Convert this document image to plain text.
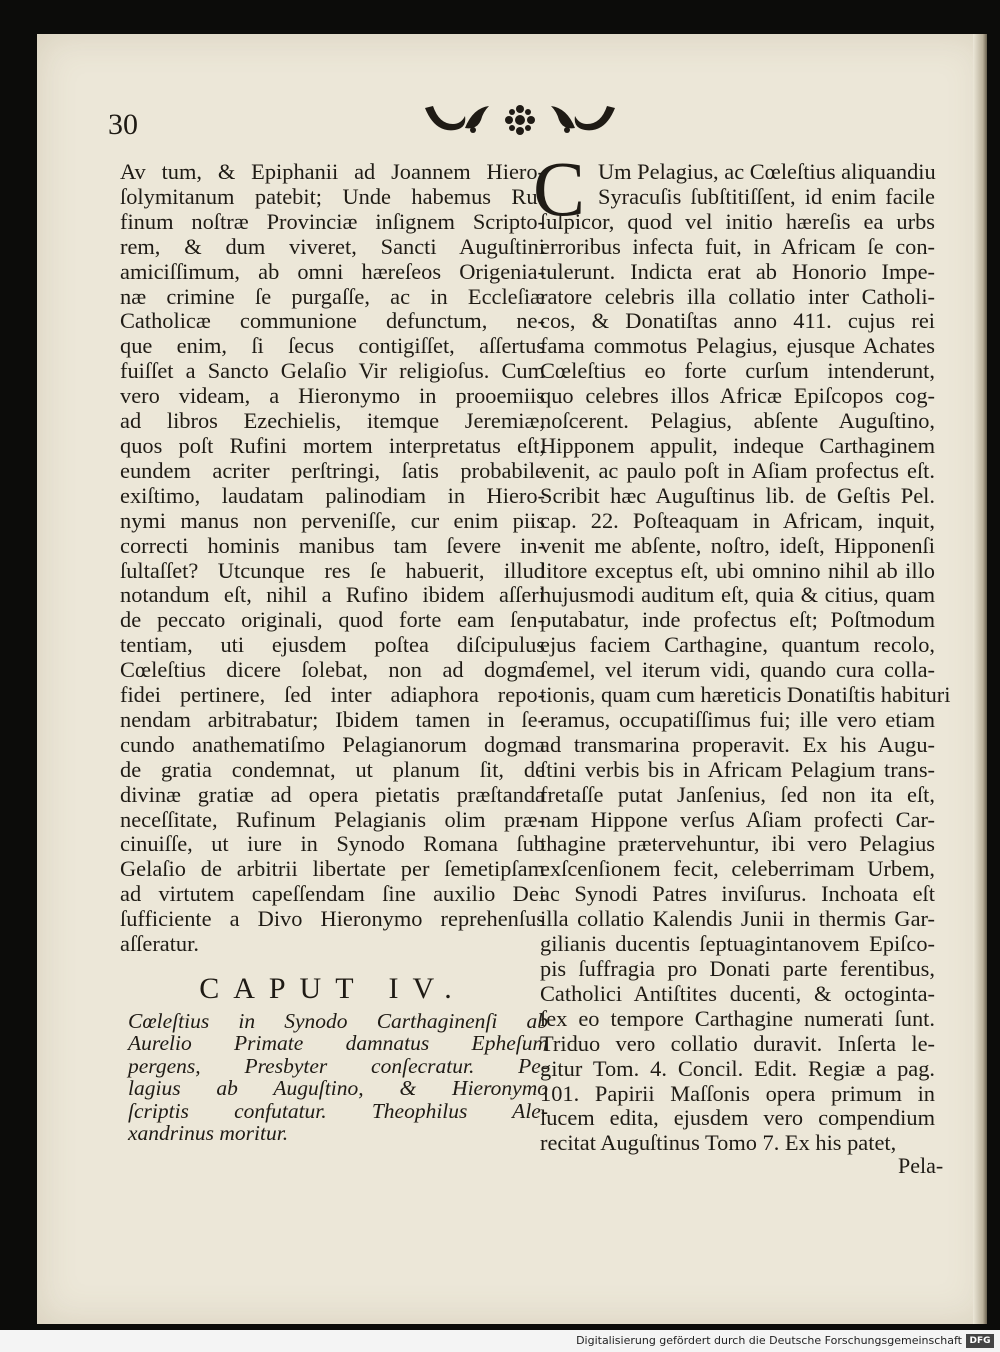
30
Av tum, & Epiphanii ad Joannem Hiero-
ſolymitanum patebit; Unde habemus Ru-
finum noſtræ Provinciæ inſignem Scripto-
rem, & dum viveret, Sancti Auguſtini
amiciſſimum, ab omni hæreſeos Origenia-
næ crimine ſe purgaſſe, ac in Eccleſiæ
Catholicæ communione defunctum, ne-
que enim, ſi ſecus contigiſſet, aſſertus
fuiſſet a Sancto Gelaſio Vir religioſus. Cum
vero videam, a Hieronymo in prooemiis
ad libros Ezechielis, itemque Jeremiæ,
quos poſt Rufini mortem interpretatus eſt,
eundem acriter perſtringi, ſatis probabile
exiſtimo, laudatam palinodiam in Hiero-
nymi manus non perveniſſe, cur enim piis
correcti hominis manibus tam ſevere in-
ſultaſſet? Utcunque res ſe habuerit, illud
notandum eſt, nihil a Rufino ibidem aſſeri
de peccato originali, quod forte eam ſen-
tentiam, uti ejusdem poſtea diſcipulus
Cœleſtius dicere ſolebat, non ad dogma
fidei pertinere, ſed inter adiaphora repo-
nendam arbitrabatur; Ibidem tamen in ſe-
cundo anathematiſmo Pelagianorum dogma
de gratia condemnat, ut planum ſit, de
divinæ gratiæ ad opera pietatis præſtanda
neceſſitate, Rufinum Pelagianis olim præ-
cinuiſſe, ut iure in Synodo Romana ſub
Gelaſio de arbitrii libertate per ſemetipſam
ad virtutem capeſſendam ſine auxilio Dei
ſufficiente a Divo Hieronymo reprehenſus
aſſeratur.
CAPUT IV.
Cœleſtius in Synodo Carthaginenſi ab
Aurelio Primate damnatus Epheſum
pergens, Presbyter conſecratur. Pe-
lagius ab Auguſtino, & Hieronymo
ſcriptis confutatur. Theophilus Ale-
xandrinus moritur.
C Um Pelagius, ac Cœleſtius aliquandiu
Syracuſis ſubſtitiſſent, id enim facile
ſuſpicor, quod vel initio hæreſis ea urbs
erroribus infecta fuit, in Africam ſe con-
tulerunt. Indicta erat ab Honorio Impe-
ratore celebris illa collatio inter Catholi-
cos, & Donatiſtas anno 411. cujus rei
fama commotus Pelagius, ejusque Achates
Cœleſtius eo forte curſum intenderunt,
quo celebres illos Africæ Epiſcopos cog-
noſcerent. Pelagius, abſente Auguſtino,
Hipponem appulit, indeque Carthaginem
venit, ac paulo poſt in Aſiam profectus eſt.
Scribit hæc Auguſtinus lib. de Geſtis Pel.
cap. 22. Poſteaquam in Africam, inquit,
venit me abſente, noſtro, ideſt, Hipponenſi
litore exceptus eſt, ubi omnino nihil ab illo
hujusmodi auditum eſt, quia & citius, quam
putabatur, inde profectus eſt; Poſtmodum
ejus faciem Carthagine, quantum recolo,
ſemel, vel iterum vidi, quando cura colla-
tionis, quam cum hæreticis Donatiſtis habituri
eramus, occupatiſſimus fui; ille vero etiam
ad transmarina properavit. Ex his Augu-
ſtini verbis bis in Africam Pelagium trans-
fretaſſe putat Janſenius, ſed non ita eſt,
nam Hippone verſus Aſiam profecti Car-
thagine prætervehuntur, ibi vero Pelagius
exſcenſionem fecit, celeberrimam Urbem,
ac Synodi Patres inviſurus. Inchoata eſt
illa collatio Kalendis Junii in thermis Gar-
gilianis ducentis ſeptuagintanovem Epiſco-
pis ſuffragia pro Donati parte ferentibus,
Catholici Antiſtites ducenti, & octoginta-
ſex eo tempore Carthagine numerati ſunt.
Triduo vero collatio duravit. Inſerta le-
gitur Tom. 4. Concil. Edit. Regiæ a pag.
101. Papirii Maſſonis opera primum in
lucem edita, ejusdem vero compendium
recitat Auguſtinus Tomo 7. Ex his patet,
Pela-
Digitalisierung gefördert durch die Deutsche Forschungsgemeinschaft DFG
